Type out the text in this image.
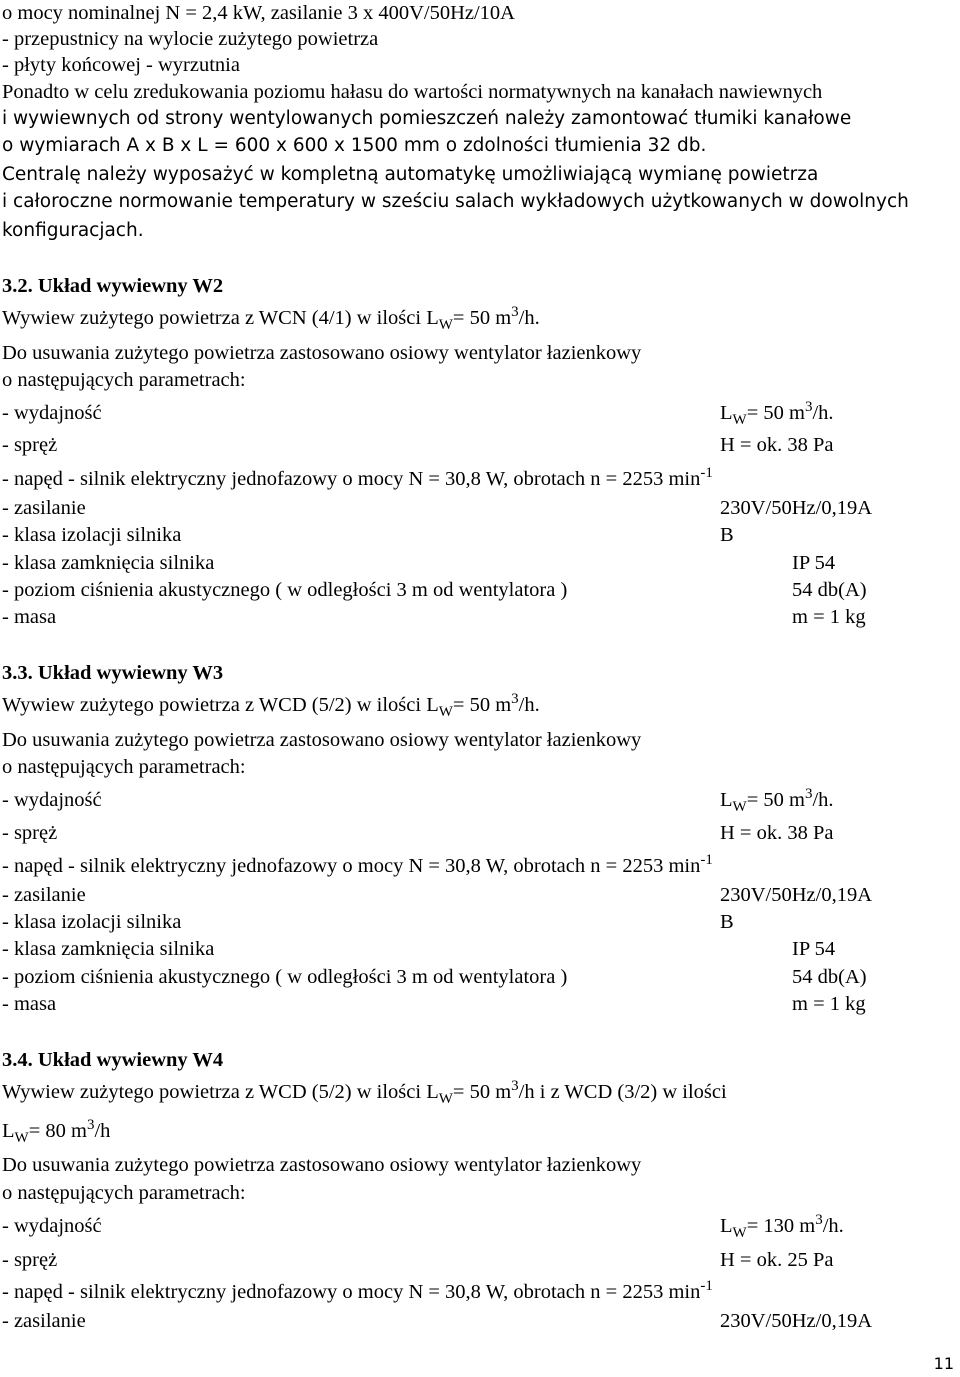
o mocy nominalnej N = 2,4 kW, zasilanie 3 x 400V/50Hz/10A
- przepustnicy na wylocie zużytego powietrza
- płyty końcowej - wyrzutnia
Ponadto w celu zredukowania poziomu hałasu do wartości normatywnych na kanałach nawiewnych
i wywiewnych od strony wentylowanych pomieszczeń należy zamontować tłumiki kanałowe
o wymiarach A x B x L = 600 x 600 x 1500 mm o zdolności tłumienia 32 db.
Centralę należy wyposażyć w kompletną automatykę umożliwiającą wymianę powietrza
i całoroczne normowanie temperatury w sześciu salach wykładowych użytkowanych w dowolnych
konfiguracjach.
3.2. Układ wywiewny W2
Wywiew zużytego powietrza z WCN (4/1) w ilości $L_W= 50$ $m^3/h$.
Do usuwania zużytego powietrza zastosowano osiowy wentylator łazienkowy
o następujących parametrach:
- wydajność	$L_W= 50$ $m^3/h$.
- spręż	H = ok. 38 Pa
- napęd - silnik elektryczny jednofazowy o mocy N = 30,8 W, obrotach n = 2253 $\min^{-1}$
- zasilanie	230V/50Hz/0,19A
- klasa izolacji silnika	B
- klasa zamknięcia silnika	IP 54
- poziom ciśnienia akustycznego ( w odległości 3 m od wentylatora )	54 db(A)
- masa	m = 1 kg
3.3. Układ wywiewny W3
Wywiew zużytego powietrza z WCD (5/2) w ilości $L_W= 50$ $m^3/h$.
Do usuwania zużytego powietrza zastosowano osiowy wentylator łazienkowy
o następujących parametrach:
- wydajność	$L_W= 50$ $m^3/h$.
- spręż	H = ok. 38 Pa
- napęd - silnik elektryczny jednofazowy o mocy N = 30,8 W, obrotach n = 2253 $\min^{-1}$
- zasilanie	230V/50Hz/0,19A
- klasa izolacji silnika	B
- klasa zamknięcia silnika	IP 54
- poziom ciśnienia akustycznego ( w odległości 3 m od wentylatora )	54 db(A)
- masa	m = 1 kg
3.4. Układ wywiewny W4
Wywiew zużytego powietrza z WCD (5/2) w ilości $L_W= 50$ $m^3/h$ i z WCD (3/2) w ilości
$L_W= 80$ $m^3/h$
Do usuwania zużytego powietrza zastosowano osiowy wentylator łazienkowy
o następujących parametrach:
- wydajność	$L_W= 130$ $m^3/h$.
- spręż	H = ok. 25 Pa
- napęd - silnik elektryczny jednofazowy o mocy N = 30,8 W, obrotach n = 2253 $\min^{-1}$
- zasilanie	230V/50Hz/0,19A
11
